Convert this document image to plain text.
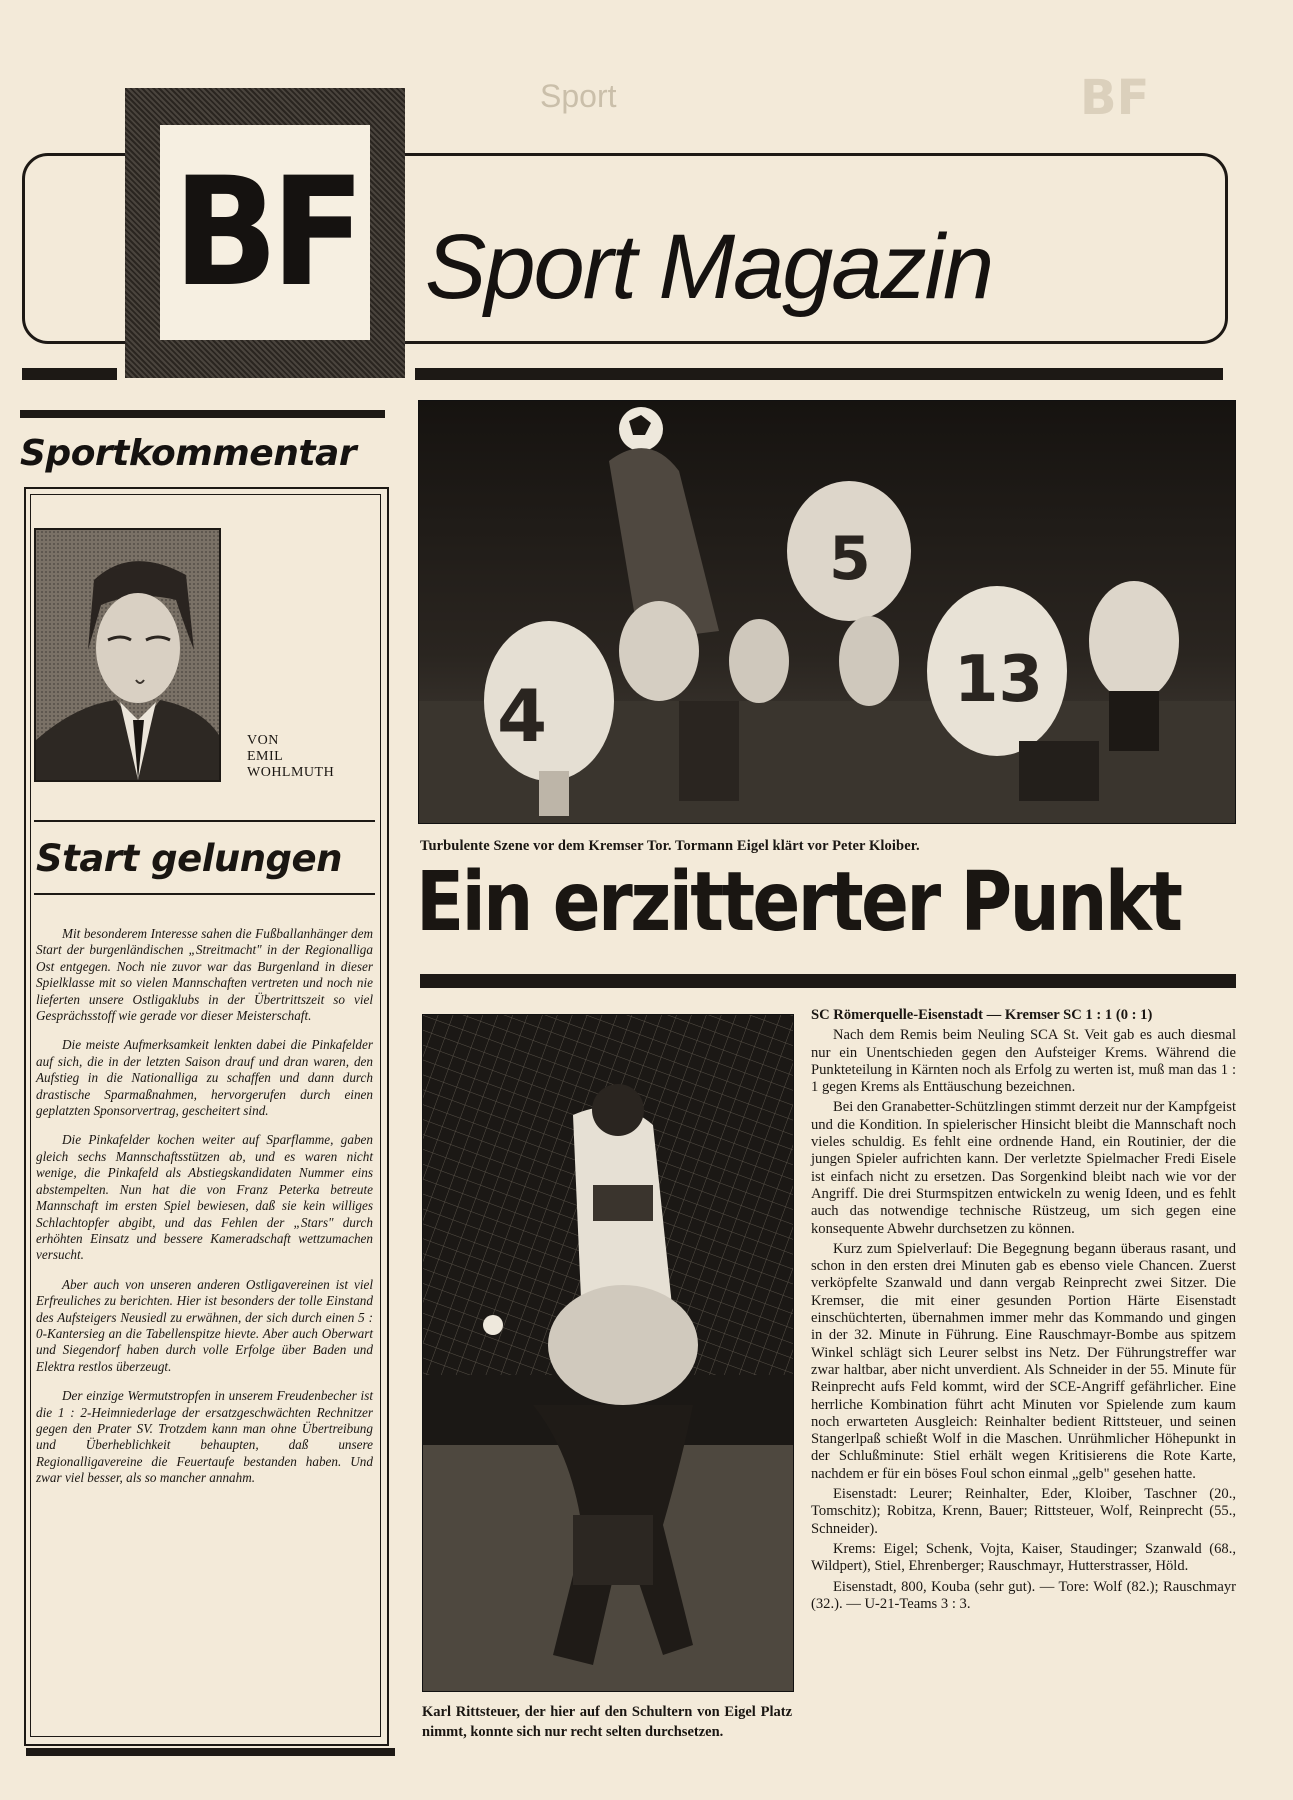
Sport	BF
BF Sport Magazin
Sportkommentar
VON
EMIL
WOHLMUTH
Start gelungen

Mit besonderem Interesse sahen die Fußballanhänger dem Start der burgenländischen „Streitmacht" in der Regionalliga Ost entgegen. Noch nie zuvor war das Burgenland in dieser Spielklasse mit so vielen Mannschaften vertreten und noch nie lieferten unsere Ostligaklubs in der Übertrittszeit so viel Gesprächsstoff wie gerade vor dieser Meisterschaft.

Die meiste Aufmerksamkeit lenkten dabei die Pinkafelder auf sich, die in der letzten Saison drauf und dran waren, den Aufstieg in die Nationalliga zu schaffen und dann durch drastische Sparmaßnahmen, hervorgerufen durch einen geplatzten Sponsorvertrag, gescheitert sind.

Die Pinkafelder kochen weiter auf Sparflamme, gaben gleich sechs Mannschaftsstützen ab, und es waren nicht wenige, die Pinkafeld als Abstiegskandidaten Nummer eins abstempelten. Nun hat die von Franz Peterka betreute Mannschaft im ersten Spiel bewiesen, daß sie kein williges Schlachtopfer abgibt, und das Fehlen der „Stars" durch erhöhten Einsatz und bessere Kameradschaft wettzumachen versucht.

Aber auch von unseren anderen Ostligavereinen ist viel Erfreuliches zu berichten. Hier ist besonders der tolle Einstand des Aufsteigers Neusiedl zu erwähnen, der sich durch einen 5 : 0-Kantersieg an die Tabellenspitze hievte. Aber auch Oberwart und Siegendorf haben durch volle Erfolge über Baden und Elektra restlos überzeugt.

Der einzige Wermutstropfen in unserem Freudenbecher ist die 1 : 2-Heimniederlage der ersatzgeschwächten Rechnitzer gegen den Prater SV. Trotzdem kann man ohne Übertreibung und Überheblichkeit behaupten, daß unsere Regionalligavereine die Feuertaufe bestanden haben. Und zwar viel besser, als so mancher annahm.

5
4	13
Turbulente Szene vor dem Kremser Tor. Tormann Eigel klärt vor Peter Kloiber.
Ein erzitterter Punkt
Karl Rittsteuer, der hier auf den Schultern von Eigel Platz nimmt, konnte sich nur recht selten durchsetzen.

SC Römerquelle-Eisenstadt — Kremser SC 1 : 1 (0 : 1)

Nach dem Remis beim Neuling SCA St. Veit gab es auch diesmal nur ein Unentschieden gegen den Aufsteiger Krems. Während die Punkteteilung in Kärnten noch als Erfolg zu werten ist, muß man das 1 : 1 gegen Krems als Enttäuschung bezeichnen.

Bei den Granabetter-Schützlingen stimmt derzeit nur der Kampfgeist und die Kondition. In spielerischer Hinsicht bleibt die Mannschaft noch vieles schuldig. Es fehlt eine ordnende Hand, ein Routinier, der die jungen Spieler aufrichten kann. Der verletzte Spielmacher Fredi Eisele ist einfach nicht zu ersetzen. Das Sorgenkind bleibt nach wie vor der Angriff. Die drei Sturmspitzen entwickeln zu wenig Ideen, und es fehlt auch das notwendige technische Rüstzeug, um sich gegen eine konsequente Abwehr durchsetzen zu können.

Kurz zum Spielverlauf: Die Begegnung begann überaus rasant, und schon in den ersten drei Minuten gab es ebenso viele Chancen. Zuerst verköpfelte Szanwald und dann vergab Reinprecht zwei Sitzer. Die Kremser, die mit einer gesunden Portion Härte Eisenstadt einschüchterten, übernahmen immer mehr das Kommando und gingen in der 32. Minute in Führung. Eine Rauschmayr-Bombe aus spitzem Winkel schlägt sich Leurer selbst ins Netz. Der Führungstreffer war zwar haltbar, aber nicht unverdient. Als Schneider in der 55. Minute für Reinprecht aufs Feld kommt, wird der SCE-Angriff gefährlicher. Eine herrliche Kombination führt acht Minuten vor Spielende zum kaum noch erwarteten Ausgleich: Reinhalter bedient Rittsteuer, und seinen Stangerlpaß schießt Wolf in die Maschen. Unrühmlicher Höhepunkt in der Schlußminute: Stiel erhält wegen Kritisierens die Rote Karte, nachdem er für ein böses Foul schon einmal „gelb" gesehen hatte.

Eisenstadt: Leurer; Reinhalter, Eder, Kloiber, Taschner (20., Tomschitz); Robitza, Krenn, Bauer; Rittsteuer, Wolf, Reinprecht (55., Schneider).

Krems: Eigel; Schenk, Vojta, Kaiser, Staudinger; Szanwald (68., Wildpert), Stiel, Ehrenberger; Rauschmayr, Hutterstrasser, Höld.

Eisenstadt, 800, Kouba (sehr gut). — Tore: Wolf (82.); Rauschmayr (32.). — U-21-Teams 3 : 3.
